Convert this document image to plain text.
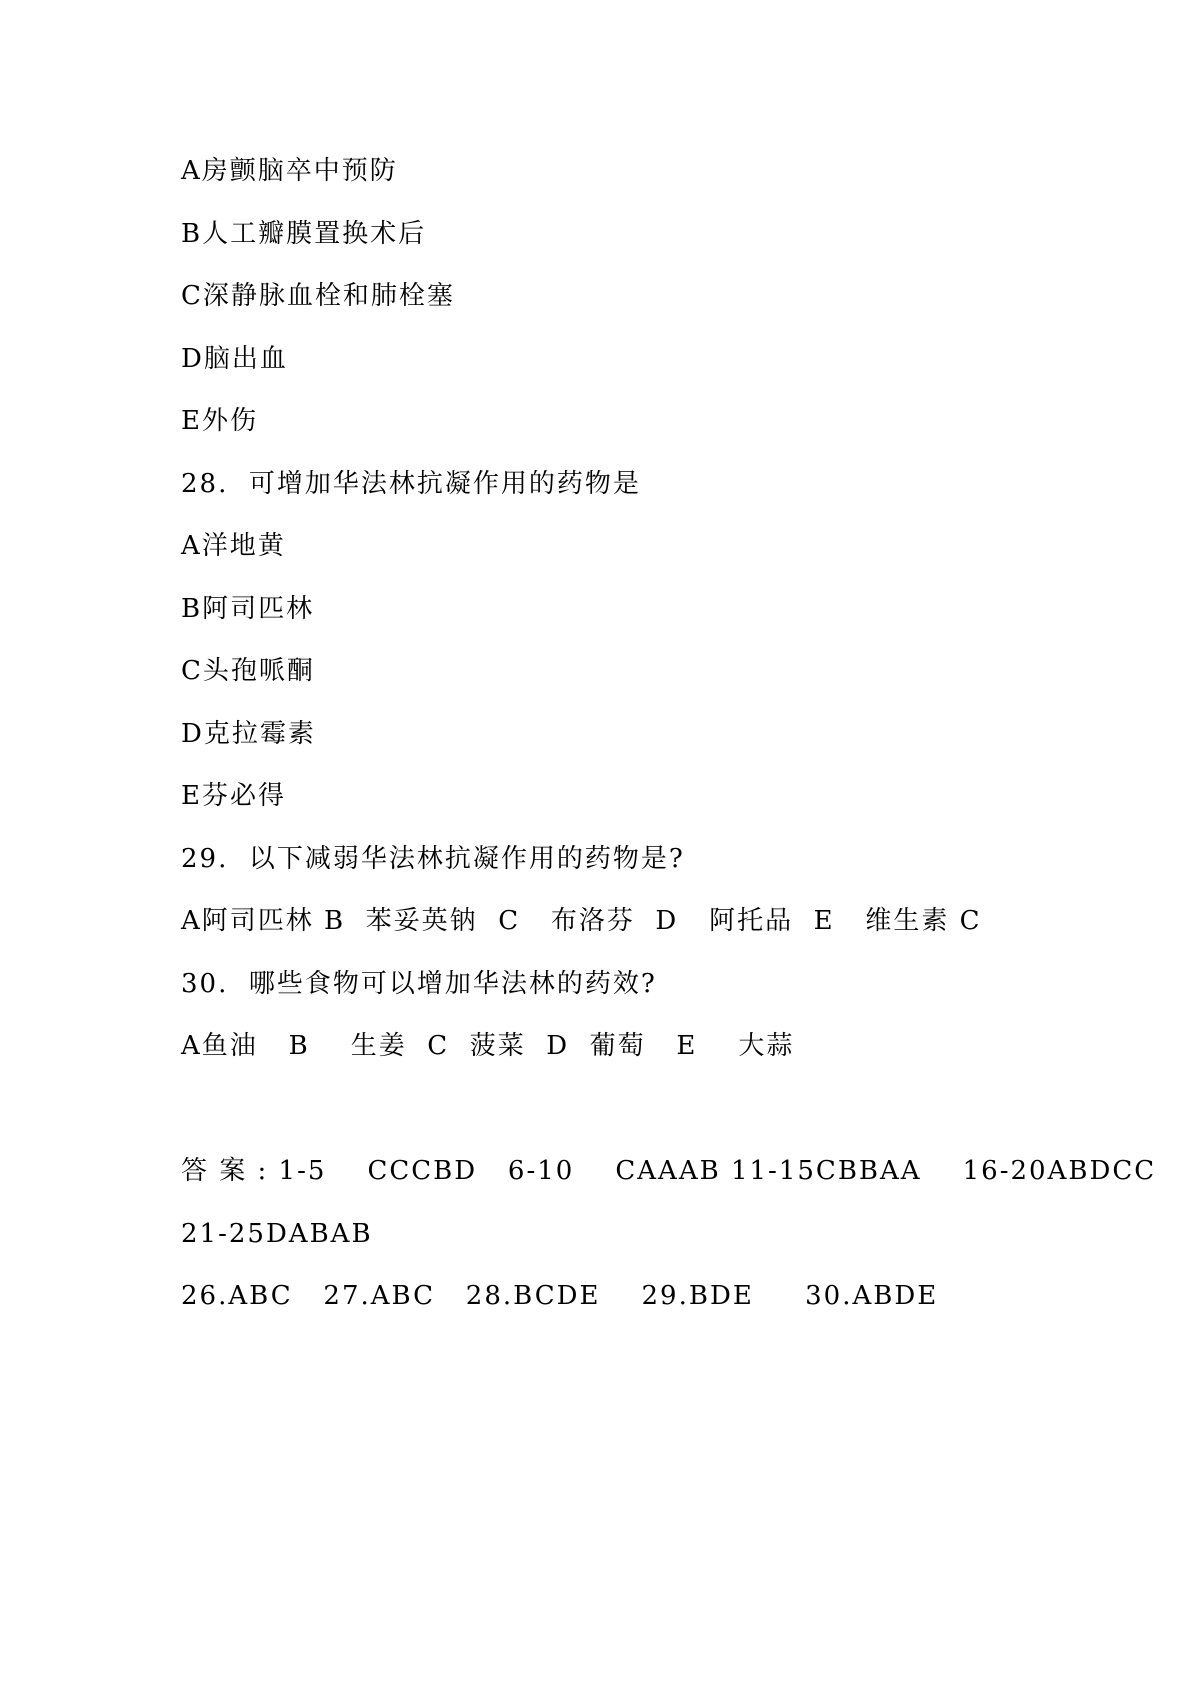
A房颤脑卒中预防
B人工瓣膜置换术后
C深静脉血栓和肺栓塞
D脑出血
E外伤
28.  可增加华法林抗凝作用的药物是
A洋地黄
B阿司匹林
C头孢哌酮
D克拉霉素
E芬必得
29.  以下减弱华法林抗凝作用的药物是?
A阿司匹林 B  苯妥英钠  C   布洛芬  D   阿托品  E   维生素 C
30.  哪些食物可以增加华法林的药效?
A鱼油   B    生姜  C  菠菜  D  葡萄   E    大蒜
答 案 : 1-5    CCCBD   6-10    CAAAB 11-15CBBAA    16-20ABDCC
21-25DABAB
26.ABC   27.ABC   28.BCDE    29.BDE     30.ABDE
